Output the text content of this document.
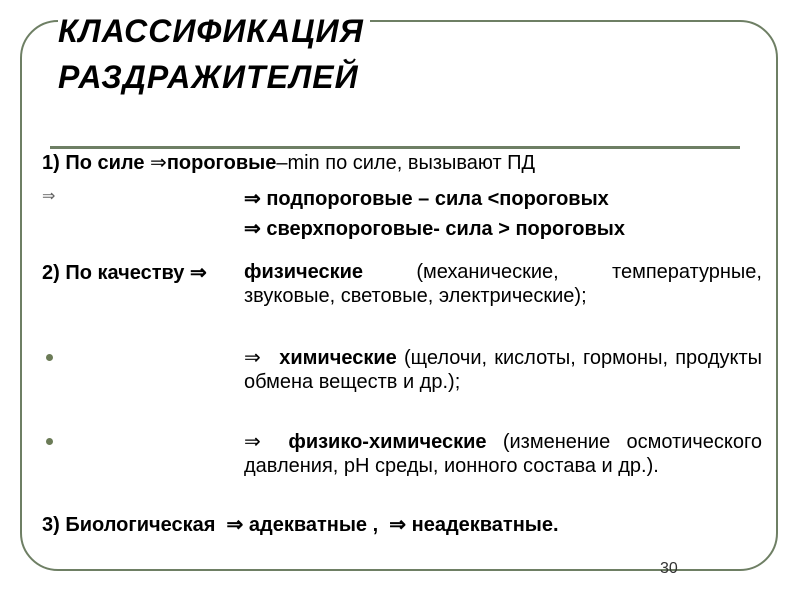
КЛАССИФИКАЦИЯ
РАЗДРАЖИТЕЛЕЙ
1) По силе ⇒пороговые–min по силе, вызывают ПД
⇒	⇒ подпороговые – сила <пороговых
⇒ сверхпороговые- сила > пороговых
2) По качеству ⇒ физические	(механические, температурные, звуковые, световые, электрические);
⇒ химические (щелочи, кислоты, гормоны, продукты обмена веществ и др.);
⇒ физико-химические (изменение осмотического давления, pH среды, ионного состава и др.).
3) Биологическая ⇒ адекватные , ⇒ неадекватные.
30
